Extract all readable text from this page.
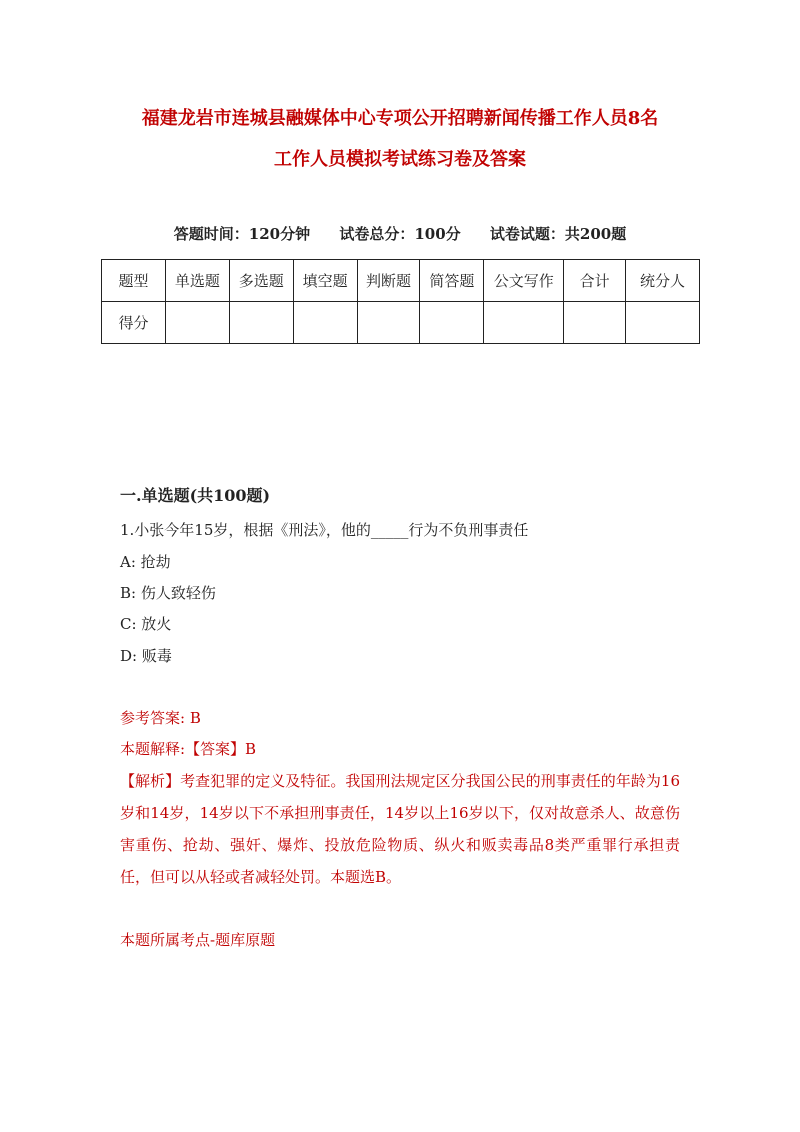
福建龙岩市连城县融媒体中心专项公开招聘新闻传播工作人员8名
工作人员模拟考试练习卷及答案
答题时间：120分钟 试卷总分：100分 试卷试题：共200题
题型	单选题	多选题	填空题	判断题	简答题	公文写作	合计	统分人
得分								
一.单选题(共100题)
1.小张今年15岁，根据《刑法》，他的_____行为不负刑事责任
A: 抢劫
B: 伤人致轻伤
C: 放火
D: 贩毒
参考答案: B
本题解释:【答案】B
【解析】考查犯罪的定义及特征。我国刑法规定区分我国公民的刑事责任的年龄为16岁和14岁，14岁以下不承担刑事责任，14岁以上16岁以下，仅对故意杀人、故意伤害重伤、抢劫、强奸、爆炸、投放危险物质、纵火和贩卖毒品8类严重罪行承担责任，但可以从轻或者减轻处罚。本题选B。
本题所属考点-题库原题
